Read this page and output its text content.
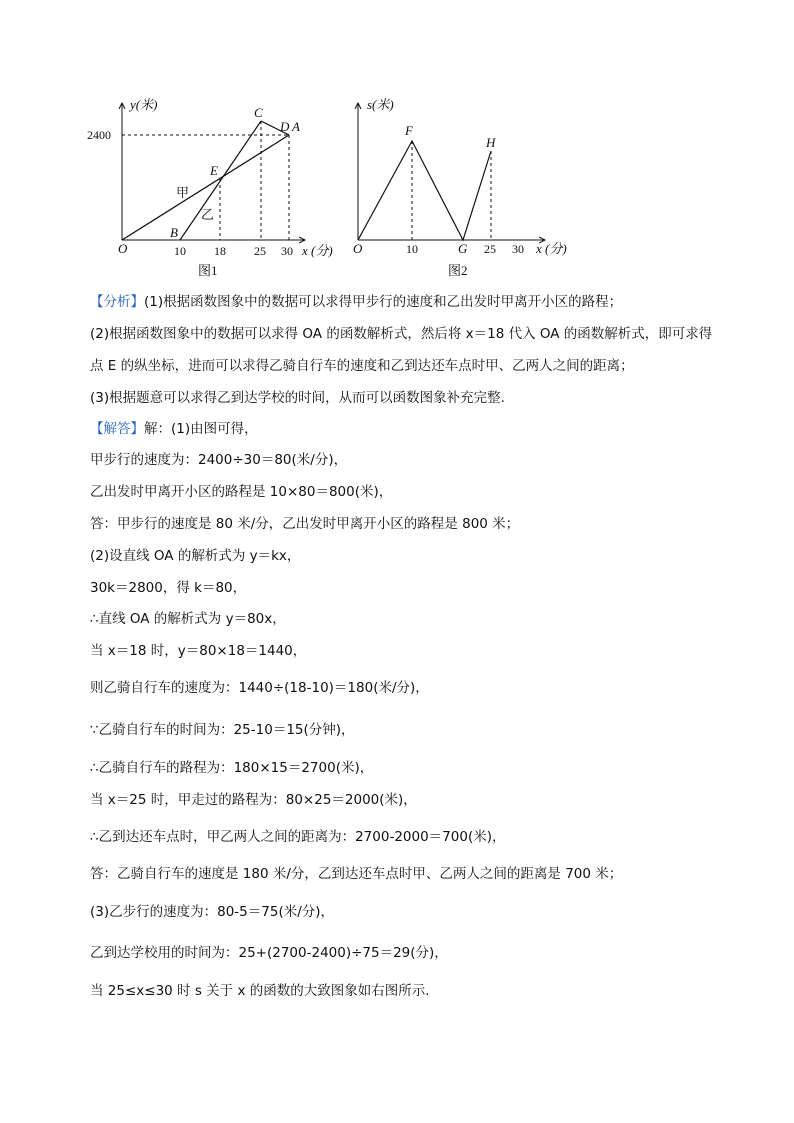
y(米)
2400
O	10 18 25 30 x (分)
B
C
D A
E
甲
乙
图1
s(米)
O
F
G
H
10	25 30 x (分)
图2
【分析】(1)根据函数图象中的数据可以求得甲步行的速度和乙出发时甲离开小区的路程；
(2)根据函数图象中的数据可以求得 OA 的函数解析式，然后将 x＝18 代入 OA 的函数解析式，即可求得
点 E 的纵坐标，进而可以求得乙骑自行车的速度和乙到达还车点时甲、乙两人之间的距离；
(3)根据题意可以求得乙到达学校的时间，从而可以函数图象补充完整．
【解答】解：(1)由图可得，
甲步行的速度为：2400÷30＝80(米/分)，
乙出发时甲离开小区的路程是 10×80＝800(米)，
答：甲步行的速度是 80 米/分，乙出发时甲离开小区的路程是 800 米；
(2)设直线 OA 的解析式为 y＝kx，
30k＝2800，得 k＝80，
∴直线 OA 的解析式为 y＝80x，
当 x＝18 时，y＝80×18＝1440，
则乙骑自行车的速度为：1440÷(18-10)＝180(米/分)，
∵乙骑自行车的时间为：25-10＝15(分钟)，
∴乙骑自行车的路程为：180×15＝2700(米)，
当 x＝25 时，甲走过的路程为：80×25＝2000(米)，
∴乙到达还车点时，甲乙两人之间的距离为：2700-2000＝700(米)，
答：乙骑自行车的速度是 180 米/分，乙到达还车点时甲、乙两人之间的距离是 700 米；
(3)乙步行的速度为：80-5＝75(米/分)，
乙到达学校用的时间为：25+(2700-2400)÷75＝29(分)，
当 25≤x≤30 时 s 关于 x 的函数的大致图象如右图所示．
